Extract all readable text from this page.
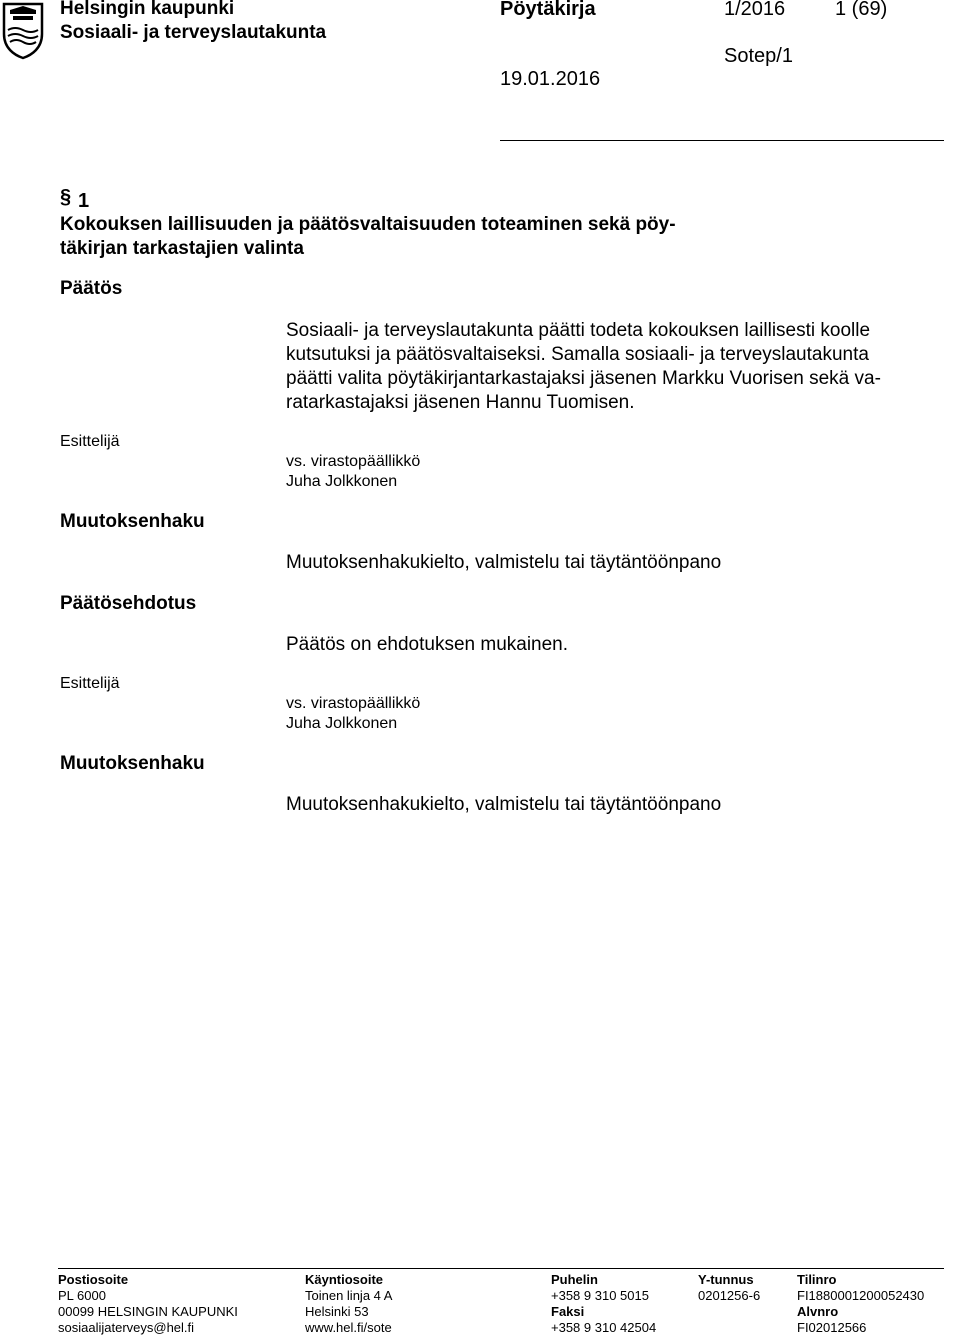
Helsingin kaupunki
Sosiaali- ja terveyslautakunta
Pöytäkirja	1/2016 1 (69)
Sotep/1
19.01.2016
§ 1
Kokouksen laillisuuden ja päätösvaltaisuuden toteaminen sekä pöy-
täkirjan tarkastajien valinta
Päätös
Sosiaali- ja terveyslautakunta päätti todeta kokouksen laillisesti koolle
kutsutuksi ja päätösvaltaiseksi. Samalla sosiaali- ja terveyslautakunta
päätti valita pöytäkirjantarkastajaksi jäsenen Markku Vuorisen sekä va-
ratarkastajaksi jäsenen Hannu Tuomisen.
Esittelijä
vs. virastopäällikkö
Juha Jolkkonen
Muutoksenhaku
Muutoksenhakukielto, valmistelu tai täytäntöönpano
Päätösehdotus
Päätös on ehdotuksen mukainen.
Esittelijä
vs. virastopäällikkö
Juha Jolkkonen
Muutoksenhaku
Muutoksenhakukielto, valmistelu tai täytäntöönpano
Postiosoite
PL 6000
00099 HELSINGIN KAUPUNKI
sosiaalijaterveys@hel.fi
Käyntiosoite
Toinen linja 4 A
Helsinki 53
www.hel.fi/sote
Puhelin
+358 9 310 5015
Faksi
+358 9 310 42504
Y-tunnus
0201256-6
Tilinro
FI1880001200052430
Alvnro
FI02012566
